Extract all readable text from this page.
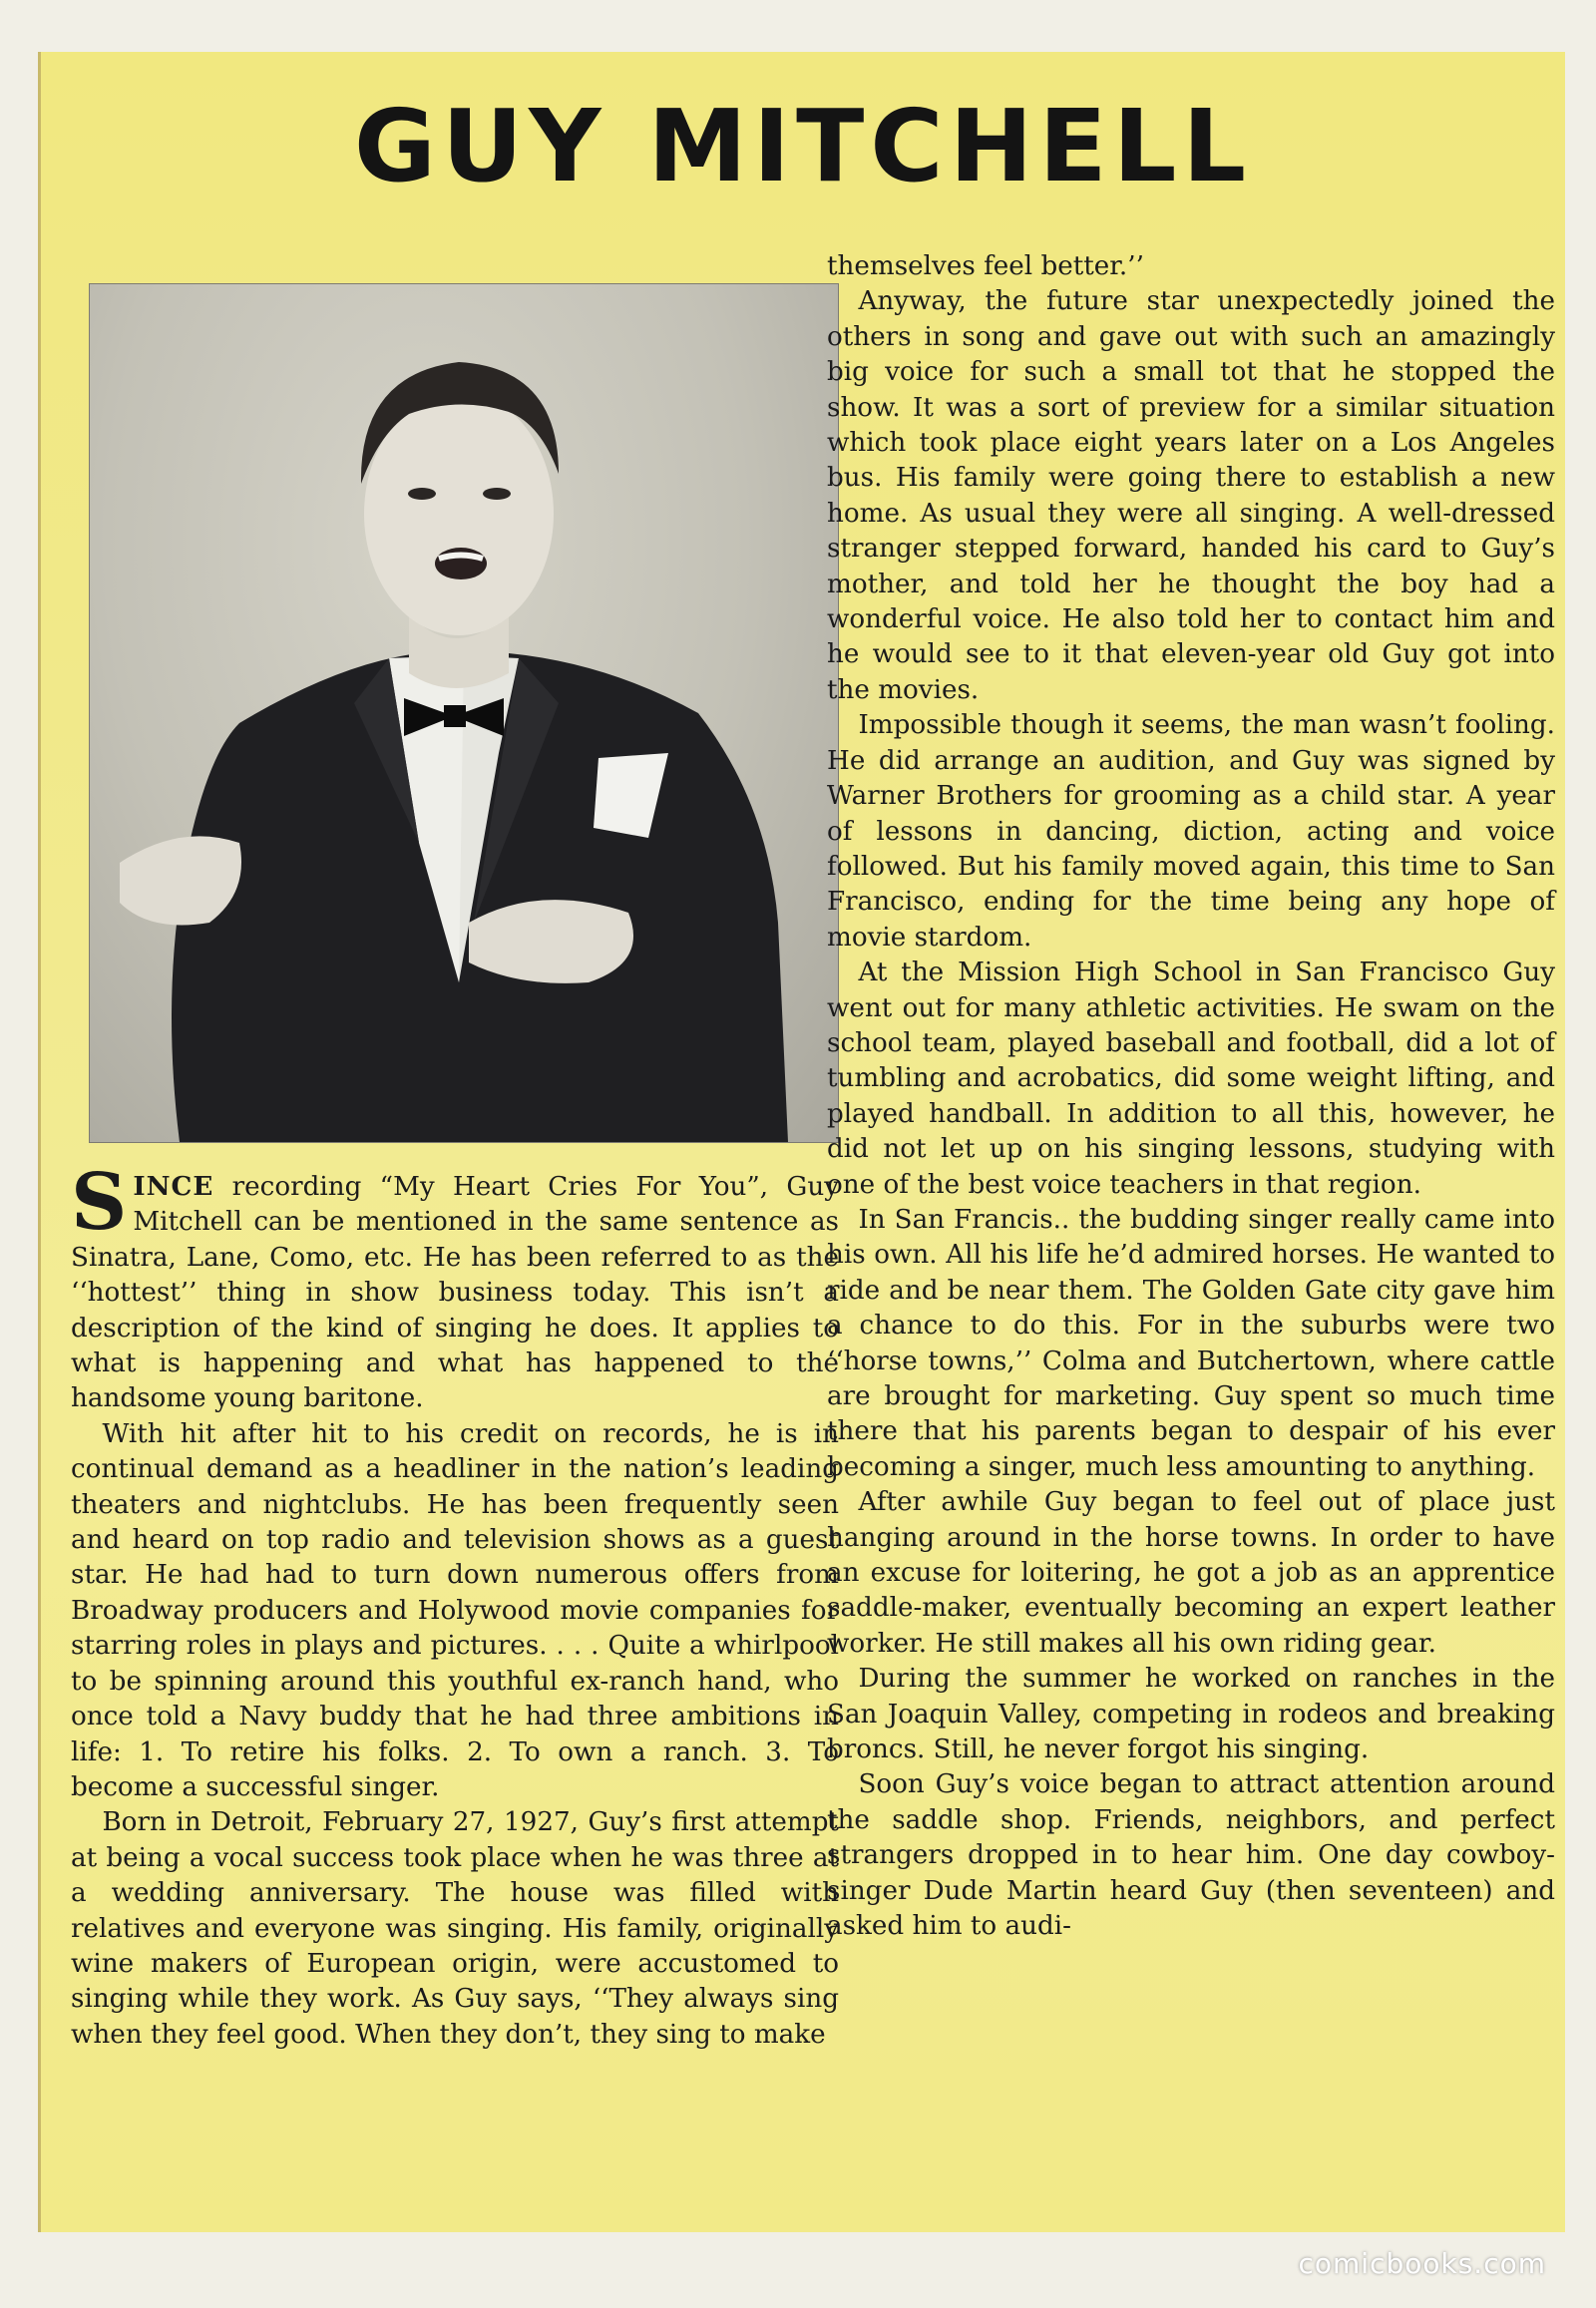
GUY MITCHELL

SINCE recording “My Heart Cries For You”, Guy Mitchell can be mentioned in the same sentence as Sinatra, Lane, Como, etc. He has been referred to as the ‘‘hottest’’ thing in show business today. This isn’t a description of the kind of singing he does. It applies to what is happening and what has happened to the handsome young baritone.

With hit after hit to his credit on records, he is in continual demand as a headliner in the nation’s leading theaters and nightclubs. He has been frequently seen and heard on top radio and television shows as a guest star. He had had to turn down numerous offers from Broadway producers and Holywood movie companies for starring roles in plays and pictures. . . . Quite a whirlpool to be spinning around this youthful ex-ranch hand, who once told a Navy buddy that he had three ambitions in life: 1. To retire his folks. 2. To own a ranch. 3. To become a successful singer.

Born in Detroit, February 27, 1927, Guy’s first attempt at being a vocal success took place when he was three at a wedding anniversary. The house was filled with relatives and everyone was singing. His family, originally wine makers of European origin, were accustomed to singing while they work. As Guy says, ‘‘They always sing when they feel good. When they don’t, they sing to make

themselves feel better.’’

Anyway, the future star unexpectedly joined the others in song and gave out with such an amazingly big voice for such a small tot that he stopped the show. It was a sort of preview for a similar situation which took place eight years later on a Los Angeles bus. His family were going there to establish a new home. As usual they were all singing. A well-dressed stranger stepped forward, handed his card to Guy’s mother, and told her he thought the boy had a wonderful voice. He also told her to contact him and he would see to it that eleven-year old Guy got into the movies.

Impossible though it seems, the man wasn’t fooling. He did arrange an audition, and Guy was signed by Warner Brothers for grooming as a child star. A year of lessons in dancing, diction, acting and voice followed. But his family moved again, this time to San Francisco, ending for the time being any hope of movie stardom.

At the Mission High School in San Francisco Guy went out for many athletic activities. He swam on the school team, played baseball and football, did a lot of tumbling and acrobatics, did some weight lifting, and played handball. In addition to all this, however, he did not let up on his singing lessons, studying with one of the best voice teachers in that region.

In San Francis.. the budding singer really came into his own. All his life he’d admired horses. He wanted to ride and be near them. The Golden Gate city gave him a chance to do this. For in the suburbs were two ‘‘horse towns,’’ Colma and Butchertown, where cattle are brought for marketing. Guy spent so much time there that his parents began to despair of his ever becoming a singer, much less amounting to anything.

After awhile Guy began to feel out of place just hanging around in the horse towns. In order to have an excuse for loitering, he got a job as an apprentice saddle-maker, eventually becoming an expert leather worker. He still makes all his own riding gear.

During the summer he worked on ranches in the San Joaquin Valley, competing in rodeos and breaking broncs. Still, he never forgot his singing.

Soon Guy’s voice began to attract attention around the saddle shop. Friends, neighbors, and perfect strangers dropped in to hear him. One day cowboy-singer Dude Martin heard Guy (then seventeen) and asked him to audi-

comicbooks.com
